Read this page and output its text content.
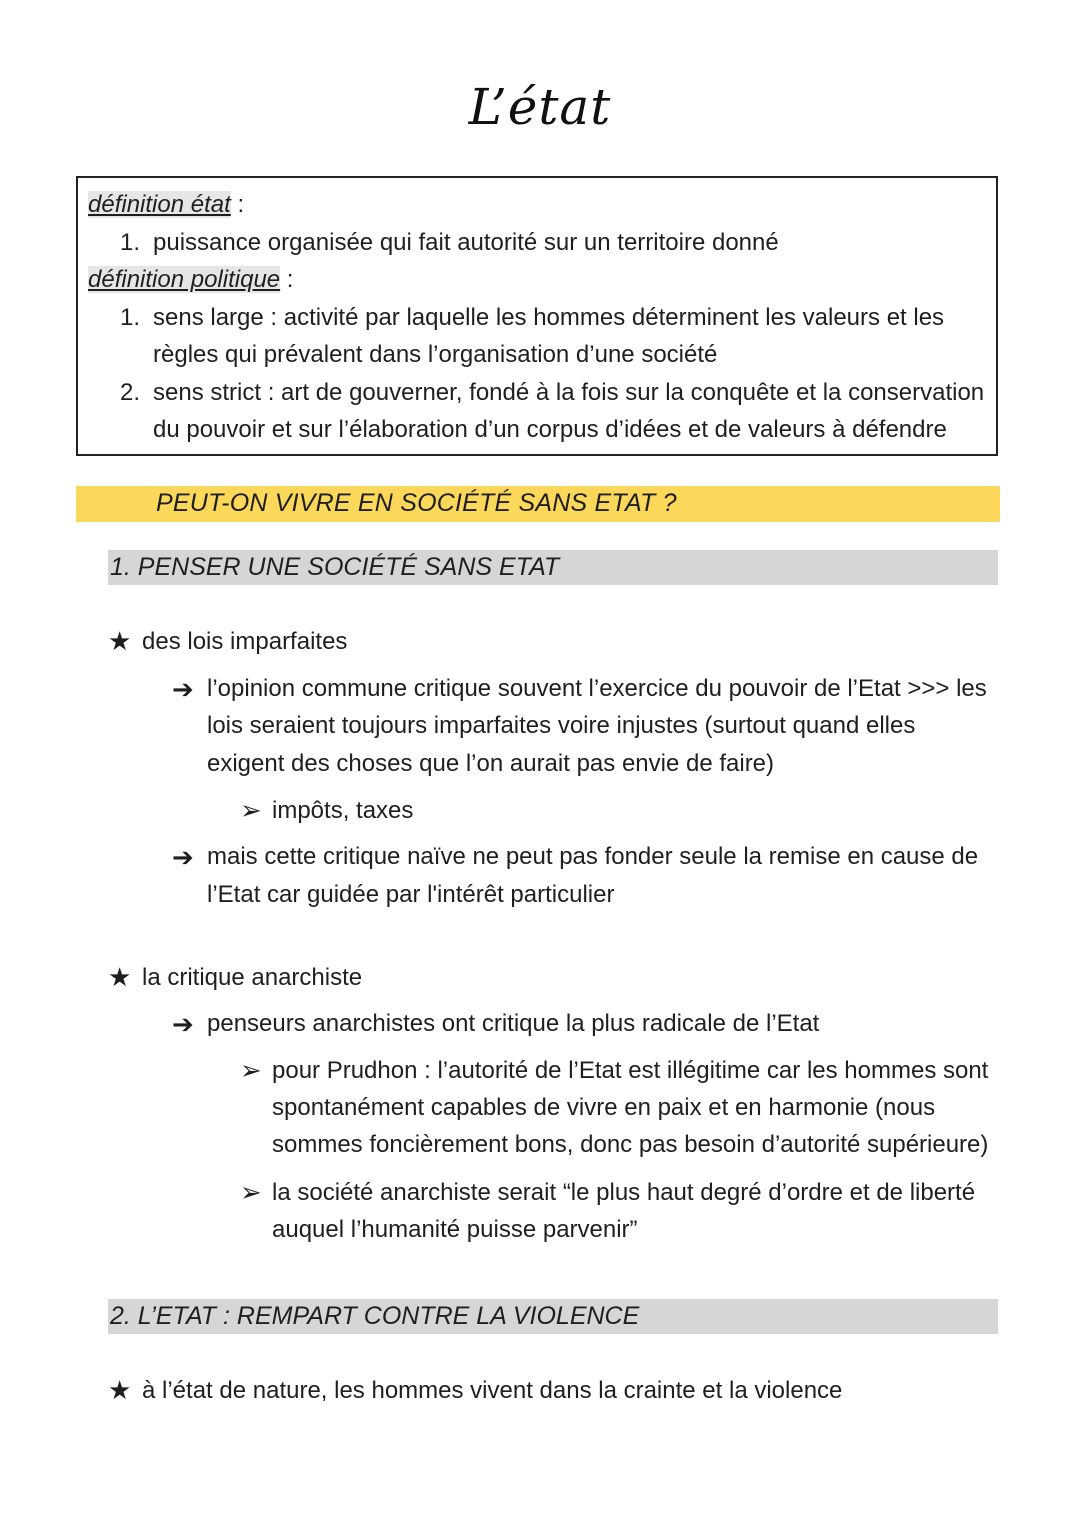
L’état
définition état :
1. puissance organisée qui fait autorité sur un territoire donné
définition politique :
1. sens large : activité par laquelle les hommes déterminent les valeurs et les
règles qui prévalent dans l’organisation d’une société
2. sens strict : art de gouverner, fondé à la fois sur la conquête et la conservation
du pouvoir et sur l’élaboration d’un corpus d’idées et de valeurs à défendre
PEUT-ON VIVRE EN SOCIÉTÉ SANS ETAT ?
1. PENSER UNE SOCIÉTÉ SANS ETAT
★ des lois imparfaites
➔ l’opinion commune critique souvent l’exercice du pouvoir de l’Etat >>> les
lois seraient toujours imparfaites voire injustes (surtout quand elles
exigent des choses que l’on aurait pas envie de faire)
➢ impôts, taxes
➔ mais cette critique naïve ne peut pas fonder seule la remise en cause de
l’Etat car guidée par l'intérêt particulier
★ la critique anarchiste
➔ penseurs anarchistes ont critique la plus radicale de l’Etat
➢ pour Prudhon : l’autorité de l’Etat est illégitime car les hommes sont
spontanément capables de vivre en paix et en harmonie (nous
sommes foncièrement bons, donc pas besoin d’autorité supérieure)
➢ la société anarchiste serait “le plus haut degré d’ordre et de liberté
auquel l’humanité puisse parvenir”
2. L’ETAT : REMPART CONTRE LA VIOLENCE
★ à l’état de nature, les hommes vivent dans la crainte et la violence
